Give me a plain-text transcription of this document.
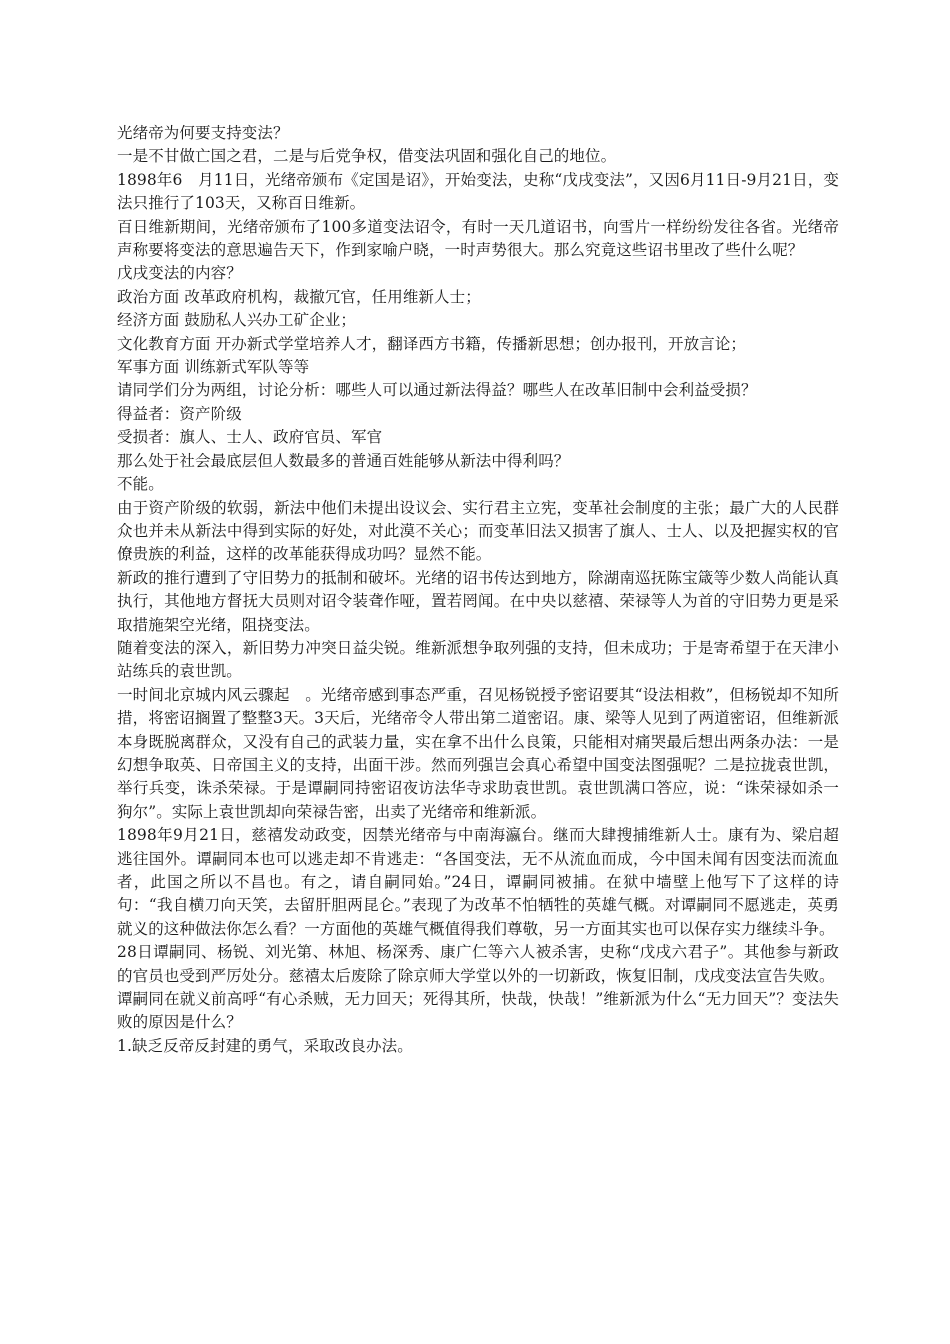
光绪帝为何要支持变法？
一是不甘做亡国之君，二是与后党争权，借变法巩固和强化自己的地位。
1898年6　月11日，光绪帝颁布《定国是诏》，开始变法，史称“戊戌变法”，又因6月11日-9月21日，变法只推行了103天，又称百日维新。
百日维新期间，光绪帝颁布了100多道变法诏令，有时一天几道诏书，向雪片一样纷纷发往各省。光绪帝声称要将变法的意思遍告天下，作到家喻户晓，一时声势很大。那么究竟这些诏书里改了些什么呢？
戊戌变法的内容？
政治方面 改革政府机构，裁撤冗官，任用维新人士；
经济方面 鼓励私人兴办工矿企业；
文化教育方面 开办新式学堂培养人才，翻译西方书籍，传播新思想；创办报刊，开放言论；
军事方面 训练新式军队等等
请同学们分为两组，讨论分析：哪些人可以通过新法得益？哪些人在改革旧制中会利益受损？
得益者：资产阶级
受损者：旗人、士人、政府官员、军官
那么处于社会最底层但人数最多的普通百姓能够从新法中得利吗？
不能。
由于资产阶级的软弱，新法中他们未提出设议会、实行君主立宪，变革社会制度的主张；最广大的人民群众也并未从新法中得到实际的好处，对此漠不关心；而变革旧法又损害了旗人、士人、以及把握实权的官僚贵族的利益，这样的改革能获得成功吗？显然不能。
新政的推行遭到了守旧势力的抵制和破坏。光绪的诏书传达到地方，除湖南巡抚陈宝箴等少数人尚能认真执行，其他地方督抚大员则对诏令装聋作哑，置若罔闻。在中央以慈禧、荣禄等人为首的守旧势力更是采取措施架空光绪，阻挠变法。
随着变法的深入，新旧势力冲突日益尖锐。维新派想争取列强的支持，但未成功；于是寄希望于在天津小站练兵的袁世凯。
一时间北京城内风云骤起　。光绪帝感到事态严重，召见杨锐授予密诏要其“设法相救”，但杨锐却不知所措，将密诏搁置了整整3天。3天后，光绪帝令人带出第二道密诏。康、梁等人见到了两道密诏，但维新派本身既脱离群众，又没有自己的武装力量，实在拿不出什么良策，只能相对痛哭最后想出两条办法：一是幻想争取英、日帝国主义的支持，出面干涉。然而列强岂会真心希望中国变法图强呢？二是拉拢袁世凯，举行兵变，诛杀荣禄。于是谭嗣同持密诏夜访法华寺求助袁世凯。袁世凯满口答应，说：“诛荣禄如杀一狗尔”。实际上袁世凯却向荣禄告密，出卖了光绪帝和维新派。
1898年9月21日，慈禧发动政变，因禁光绪帝与中南海瀛台。继而大肆搜捕维新人士。康有为、梁启超逃往国外。谭嗣同本也可以逃走却不肯逃走：“各国变法，无不从流血而成，今中国未闻有因变法而流血者，此国之所以不昌也。有之，请自嗣同始。”24日，谭嗣同被捕。在狱中墙壁上他写下了这样的诗句：“我自横刀向天笑，去留肝胆两昆仑。”表现了为改革不怕牺牲的英雄气概。对谭嗣同不愿逃走，英勇就义的这种做法你怎么看？一方面他的英雄气概值得我们尊敬，另一方面其实也可以保存实力继续斗争。
28日谭嗣同、杨锐、刘光第、林旭、杨深秀、康广仁等六人被杀害，史称“戊戌六君子”。其他参与新政的官员也受到严厉处分。慈禧太后废除了除京师大学堂以外的一切新政，恢复旧制，戊戌变法宣告失败。
谭嗣同在就义前高呼“有心杀贼，无力回天；死得其所，快哉，快哉！”维新派为什么“无力回天”？变法失败的原因是什么？
1.缺乏反帝反封建的勇气，采取改良办法。
